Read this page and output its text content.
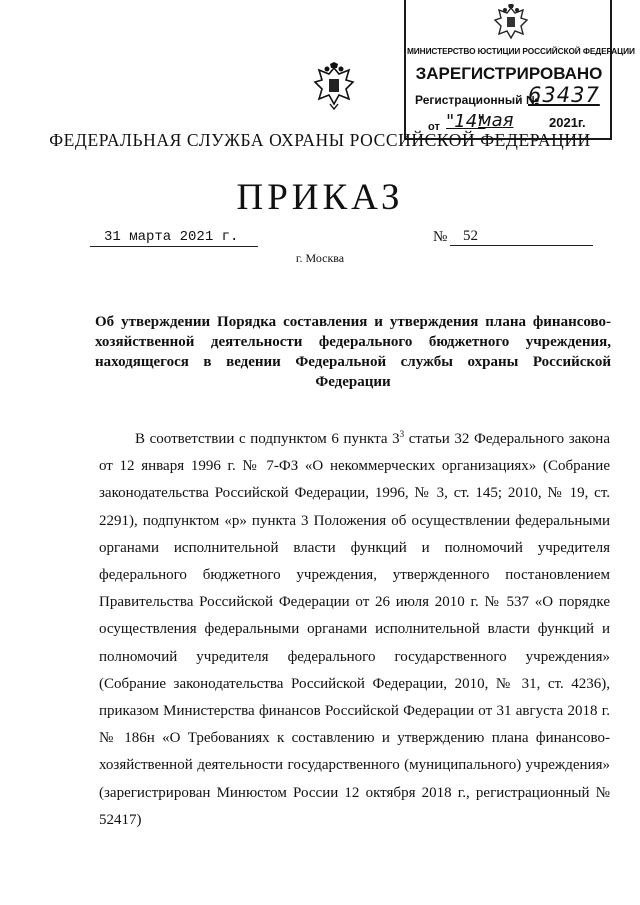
МИНИСТЕРСТВО ЮСТИЦИИ РОССИЙСКОЙ ФЕДЕРАЦИИ
ЗАРЕГИСТРИРОВАНО
Регистрационный №
63437
от "14"
мая	2021г.
ФЕДЕРАЛЬНАЯ СЛУЖБА ОХРАНЫ РОССИЙСКОЙ ФЕДЕРАЦИИ
ПРИКАЗ
31 марта 2021 г.	№ 52
г. Москва
Об утверждении Порядка составления и утверждения плана финансово-хозяйственной деятельности федерального бюджетного учреждения, находящегося в ведении Федеральной службы охраны Российской Федерации
В соответствии с подпунктом 6 пункта $3^3$ статьи 32 Федерального закона от 12 января 1996 г. № 7-ФЗ «О некоммерческих организациях» (Собрание законодательства Российской Федерации, 1996, № 3, ст. 145; 2010, № 19, ст. 2291), подпунктом «р» пункта 3 Положения об осуществлении федеральными органами исполнительной власти функций и полномочий учредителя федерального бюджетного учреждения, утвержденного постановлением Правительства Российской Федерации от 26 июля 2010 г. № 537 «О порядке осуществления федеральными органами исполнительной власти функций и полномочий учредителя федерального государственного учреждения» (Собрание законодательства Российской Федерации, 2010, № 31, ст. 4236), приказом Министерства финансов Российской Федерации от 31 августа 2018 г. № 186н «О Требованиях к составлению и утверждению плана финансово-хозяйственной деятельности государственного (муниципального) учреждения» (зарегистрирован Минюстом России 12 октября 2018 г., регистрационный № 52417)
